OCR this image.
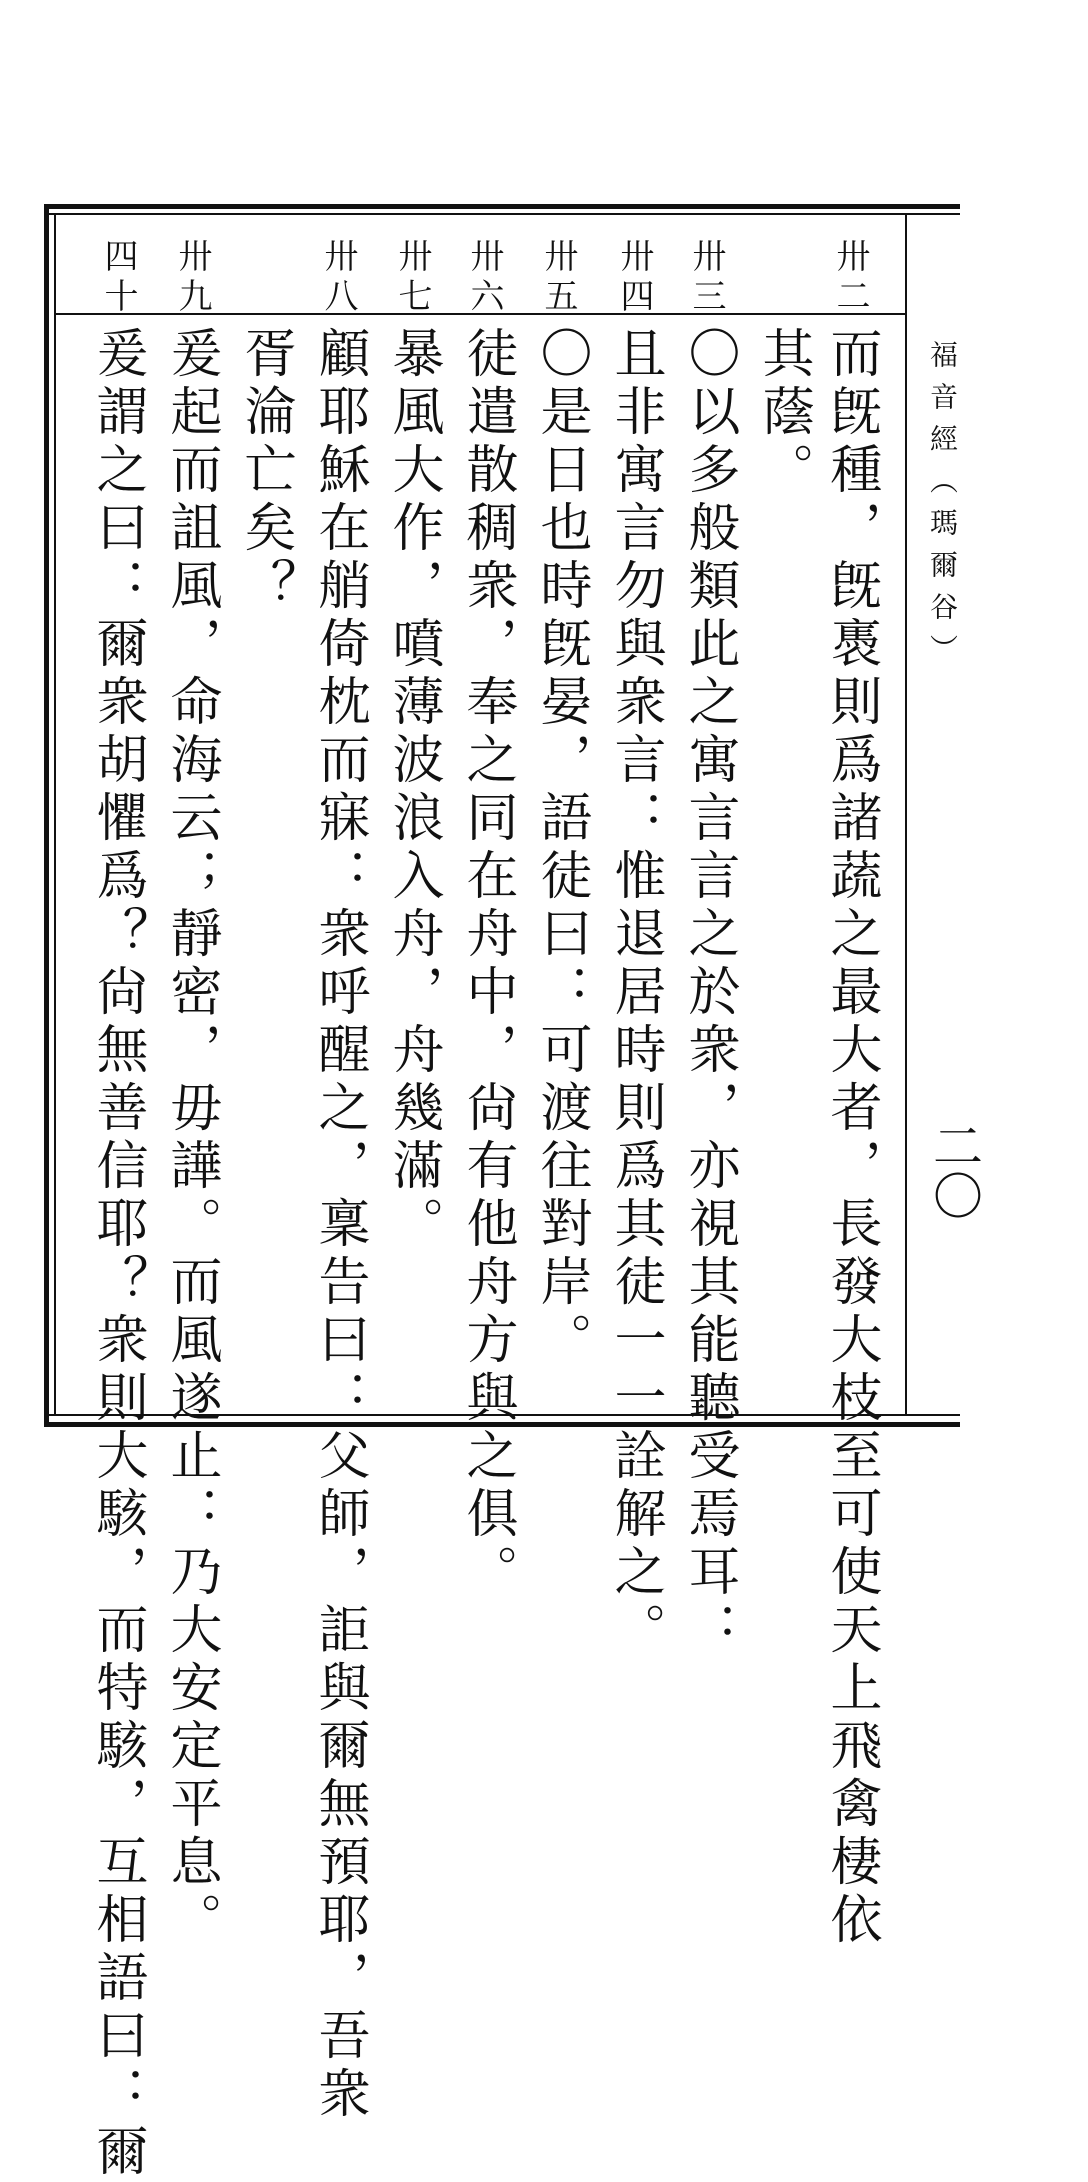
福音經（瑪爾谷）
二〇
卅二
而旣種，旣褭則爲諸蔬之最大者，長發大枝至可使天上飛禽棲依
其蔭。
卅三
〇以多般類此之寓言言之於衆，亦視其能聽受焉耳：
卅四
且非寓言勿與衆言：惟退居時則爲其徒一一詮解之。
卅五
〇是日也時旣晏，語徒曰：可渡往對岸。
卅六
徒遣散稠衆，奉之同在舟中，尙有他舟方與之俱。
卅七
暴風大作，噴薄波浪入舟，舟幾滿。
卅八
顧耶穌在艄倚枕而寐：衆呼醒之，稟告曰：父師，詎與爾無預耶，吾衆
胥淪亡矣？
卅九
爰起而詛風，命海云；靜密，毋譁。而風遂止：乃大安定平息。
四十
爰謂之曰：爾衆胡懼爲？尙無善信耶？衆則大駭，而特駭，互相語曰：爾
